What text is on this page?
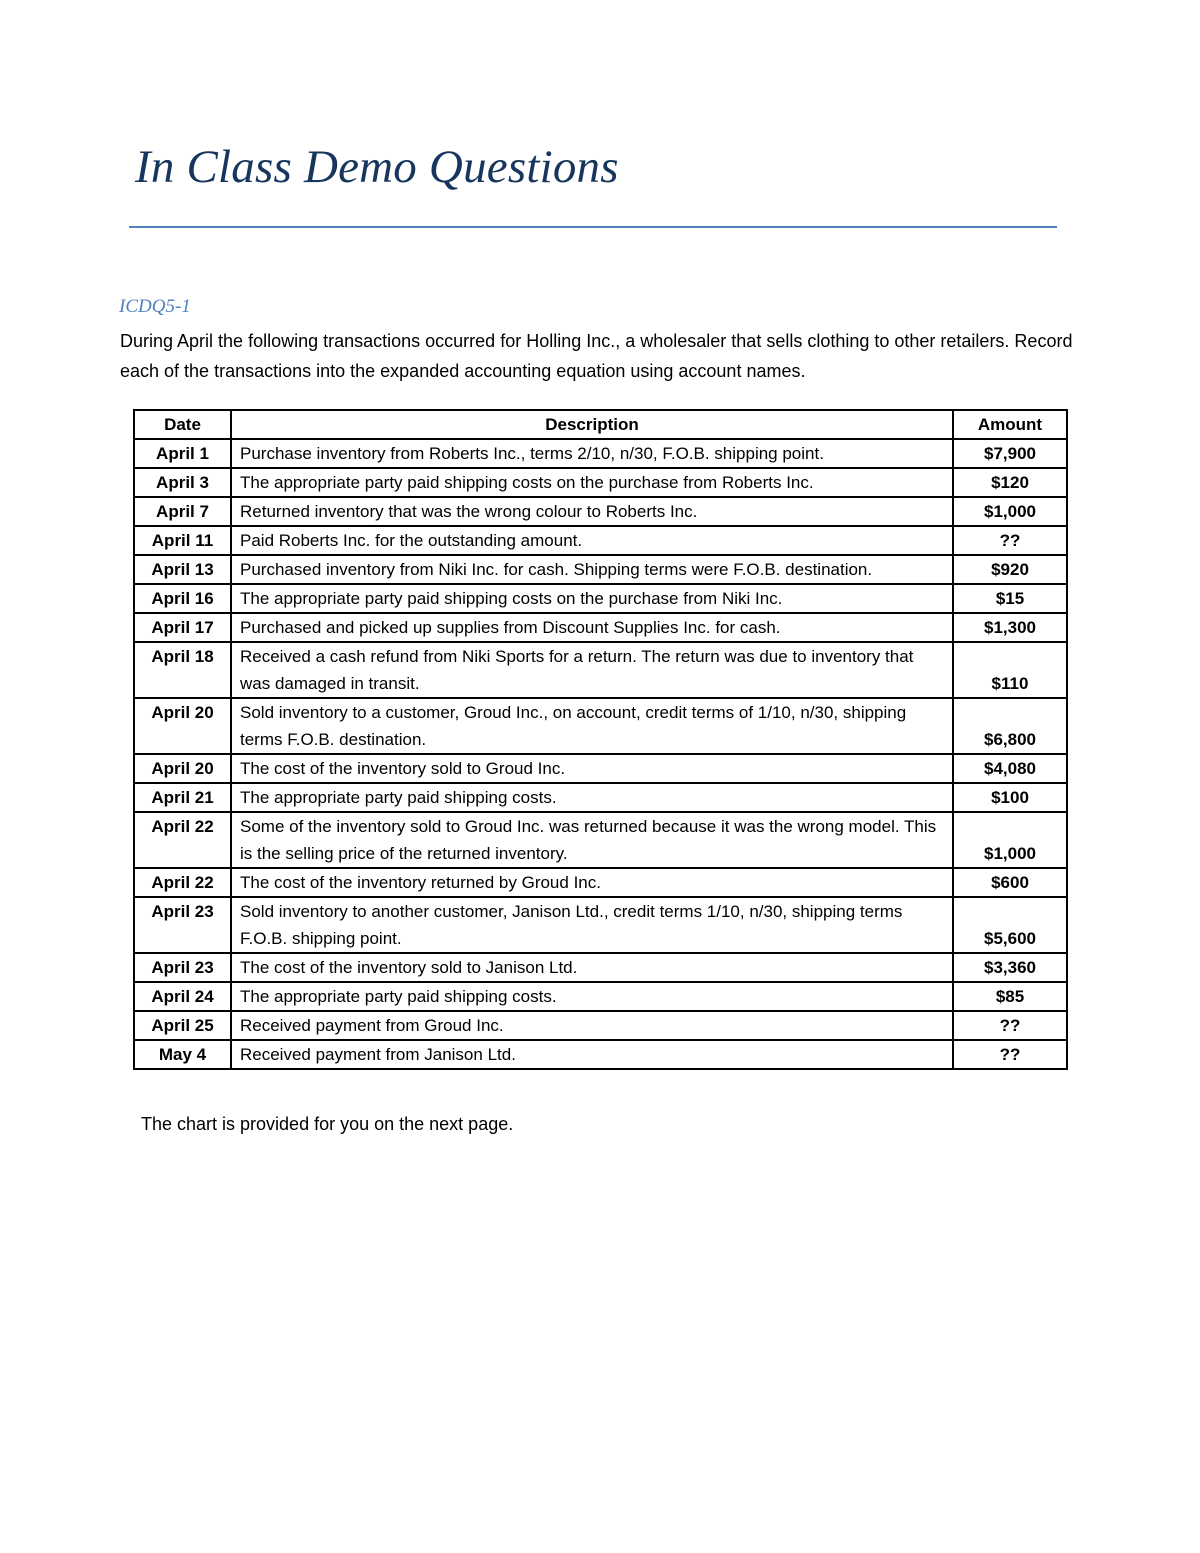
In Class Demo Questions
ICDQ5-1
During April the following transactions occurred for Holling Inc., a wholesaler that sells clothing to other retailers. Record each of the transactions into the expanded accounting equation using account names.
Date	Description	Amount
April 1	Purchase inventory from Roberts Inc., terms 2/10, n/30, F.O.B. shipping point.	$7,900
April 3	The appropriate party paid shipping costs on the purchase from Roberts Inc.	$120
April 7	Returned inventory that was the wrong colour to Roberts Inc.	$1,000
April 11	Paid Roberts Inc. for the outstanding amount.	??
April 13	Purchased inventory from Niki Inc. for cash. Shipping terms were F.O.B. destination.	$920
April 16	The appropriate party paid shipping costs on the purchase from Niki Inc.	$15
April 17	Purchased and picked up supplies from Discount Supplies Inc. for cash.	$1,300
April 18	Received a cash refund from Niki Sports for a return. The return was due to inventory that was damaged in transit.	$110
April 20	Sold inventory to a customer, Groud Inc., on account, credit terms of 1/10, n/30, shipping terms F.O.B. destination.	$6,800
April 20	The cost of the inventory sold to Groud Inc.	$4,080
April 21	The appropriate party paid shipping costs.	$100
April 22	Some of the inventory sold to Groud Inc. was returned because it was the wrong model. This is the selling price of the returned inventory.	$1,000
April 22	The cost of the inventory returned by Groud Inc.	$600
April 23	Sold inventory to another customer, Janison Ltd., credit terms 1/10, n/30, shipping terms F.O.B. shipping point.	$5,600
April 23	The cost of the inventory sold to Janison Ltd.	$3,360
April 24	The appropriate party paid shipping costs.	$85
April 25	Received payment from Groud Inc.	??
May 4	Received payment from Janison Ltd.	??
The chart is provided for you on the next page.
